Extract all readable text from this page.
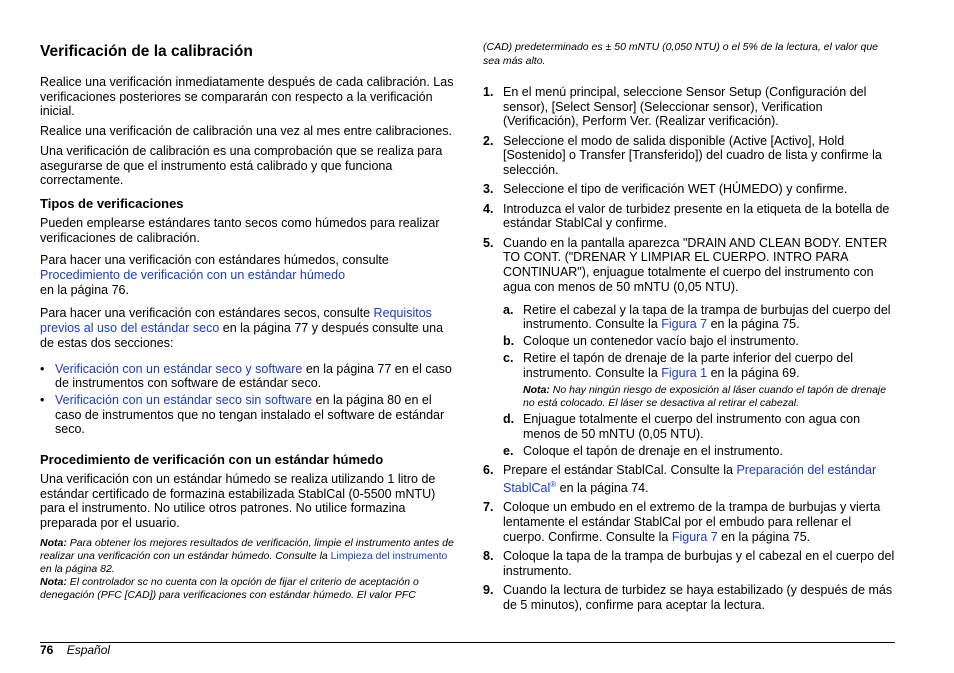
Verificación de la calibración

Realice una verificación inmediatamente después de cada calibración. Las verificaciones posteriores se compararán con respecto a la verificación inicial.

Realice una verificación de calibración una vez al mes entre calibraciones.

Una verificación de calibración es una comprobación que se realiza para asegurarse de que el instrumento está calibrado y que funciona correctamente.

Tipos de verificaciones

Pueden emplearse estándares tanto secos como húmedos para realizar verificaciones de calibración.

Para hacer una verificación con estándares húmedos, consulte
Procedimiento de verificación con un estándar húmedo
en la página 76.

Para hacer una verificación con estándares secos, consulte Requisitos previos al uso del estándar seco en la página 77 y después consulte una de estas dos secciones:

• Verificación con un estándar seco y software en la página 77 en el caso de instrumentos con software de estándar seco.
• Verificación con un estándar seco sin software en la página 80 en el caso de instrumentos que no tengan instalado el software de estándar seco.
Procedimiento de verificación con un estándar húmedo

Una verificación con un estándar húmedo se realiza utilizando 1 litro de estándar certificado de formazina estabilizada StablCal (0-5500 mNTU) para el instrumento. No utilice otros patrones. No utilice formazina preparada por el usuario.

Nota: Para obtener los mejores resultados de verificación, limpie el instrumento antes de realizar una verificación con un estándar húmedo. Consulte la Limpieza del instrumento en la página 82.

Nota: El controlador sc no cuenta con la opción de fijar el criterio de aceptación o denegación (PFC [CAD]) para verificaciones con estándar húmedo. El valor PFC

(CAD) predeterminado es ± 50 mNTU (0,050 NTU) o el 5% de la lectura, el valor que sea más alto.

1. En el menú principal, seleccione Sensor Setup (Configuración del sensor), [Select Sensor] (Seleccionar sensor), Verification (Verificación), Perform Ver. (Realizar verificación).
2. Seleccione el modo de salida disponible (Active [Activo], Hold [Sostenido] o Transfer [Transferido]) del cuadro de lista y confirme la selección.
3. Seleccione el tipo de verificación WET (HÚMEDO) y confirme.
4. Introduzca el valor de turbidez presente en la etiqueta de la botella de estándar StablCal y confirme.
5. Cuando en la pantalla aparezca "DRAIN AND CLEAN BODY. ENTER TO CONT. ("DRENAR Y LIMPIAR EL CUERPO. INTRO PARA CONTINUAR"), enjuague totalmente el cuerpo del instrumento con agua con menos de 50 mNTU (0,05 NTU).
a. Retire el cabezal y la tapa de la trampa de burbujas del cuerpo del instrumento. Consulte la Figura 7 en la página 75.
b. Coloque un contenedor vacío bajo el instrumento.
c. Retire el tapón de drenaje de la parte inferior del cuerpo del instrumento. Consulte la Figura 1 en la página 69.

Nota: No hay ningún riesgo de exposición al láser cuando el tapón de drenaje no está colocado. El láser se desactiva al retirar el cabezal.

d. Enjuague totalmente el cuerpo del instrumento con agua con menos de 50 mNTU (0,05 NTU).
e. Coloque el tapón de drenaje en el instrumento.
6. Prepare el estándar StablCal. Consulte la Preparación del estándar StablCal® en la página 74.
7. Coloque un embudo en el extremo de la trampa de burbujas y vierta lentamente el estándar StablCal por el embudo para rellenar el cuerpo. Confirme. Consulte la Figura 7 en la página 75.
8. Coloque la tapa de la trampa de burbujas y el cabezal en el cuerpo del instrumento.
9. Cuando la lectura de turbidez se haya estabilizado (y después de más de 5 minutos), confirme para aceptar la lectura.
76 Español
